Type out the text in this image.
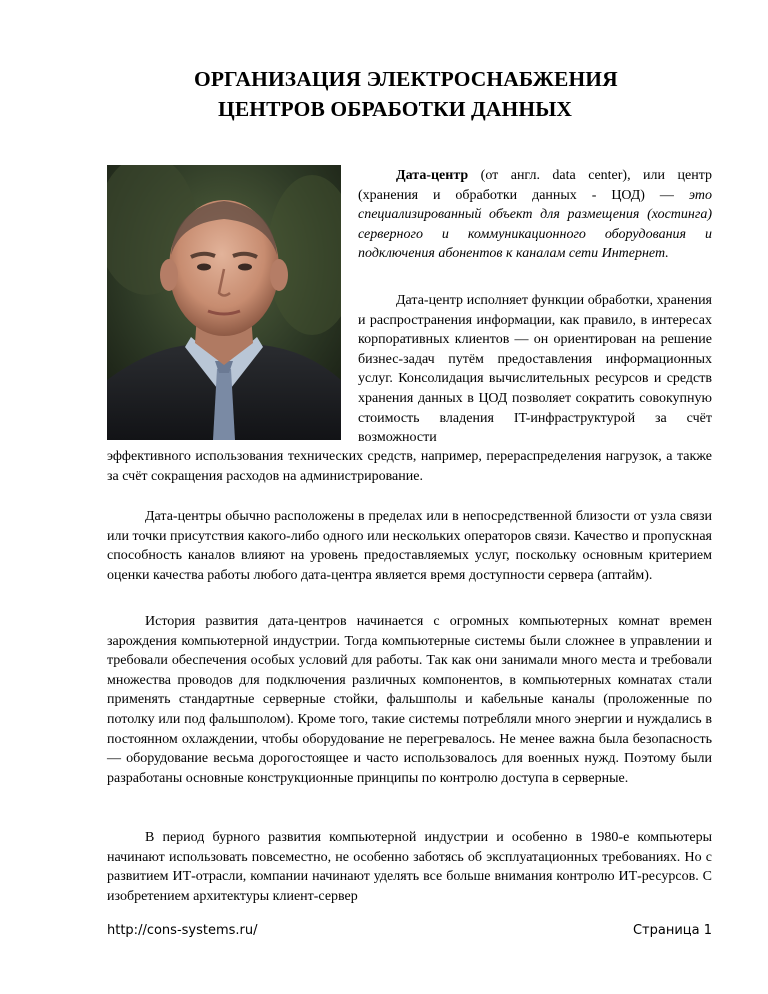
ОРГАНИЗАЦИЯ ЭЛЕКТРОСНАБЖЕНИЯ
ЦЕНТРОВ ОБРАБОТКИ ДАННЫХ
Дата-центр (от англ. data center), или центр (хранения и обработки данных - ЦОД) — это специализированный объект для размещения (хостинга) серверного и коммуникационного оборудования и подключения абонентов к каналам сети Интернет.
Дата-центр исполняет функции обработки, хранения и распространения информации, как правило, в интересах корпоративных клиентов — он ориентирован на решение бизнес-задач путём предоставления информационных услуг. Консолидация вычислительных ресурсов и средств хранения данных в ЦОД позволяет сократить совокупную стоимость владения IT-инфраструктурой за счёт возможности
эффективного использования технических средств, например, перераспределения нагрузок, а также за счёт сокращения расходов на администрирование.
Дата-центры обычно расположены в пределах или в непосредственной близости от узла связи или точки присутствия какого-либо одного или нескольких операторов связи. Качество и пропускная способность каналов влияют на уровень предоставляемых услуг, поскольку основным критерием оценки качества работы любого дата-центра является время доступности сервера (аптайм).
История развития дата-центров начинается с огромных компьютерных комнат времен зарождения компьютерной индустрии. Тогда компьютерные системы были сложнее в управлении и требовали обеспечения особых условий для работы. Так как они занимали много места и требовали множества проводов для подключения различных компонентов, в компьютерных комнатах стали применять стандартные серверные стойки, фальшполы и кабельные каналы (проложенные по потолку или под фальшполом). Кроме того, такие системы потребляли много энергии и нуждались в постоянном охлаждении, чтобы оборудование не перегревалось. Не менее важна была безопасность — оборудование весьма дорогостоящее и часто использовалось для военных нужд. Поэтому были разработаны основные конструкционные принципы по контролю доступа в серверные.
В период бурного развития компьютерной индустрии и особенно в 1980-е компьютеры начинают использовать повсеместно, не особенно заботясь об эксплуатационных требованиях. Но с развитием ИТ-отрасли, компании начинают уделять все больше внимания контролю ИТ-ресурсов. С изобретением архитектуры клиент-сервер
http://cons-systems.ru/	Страница 1
